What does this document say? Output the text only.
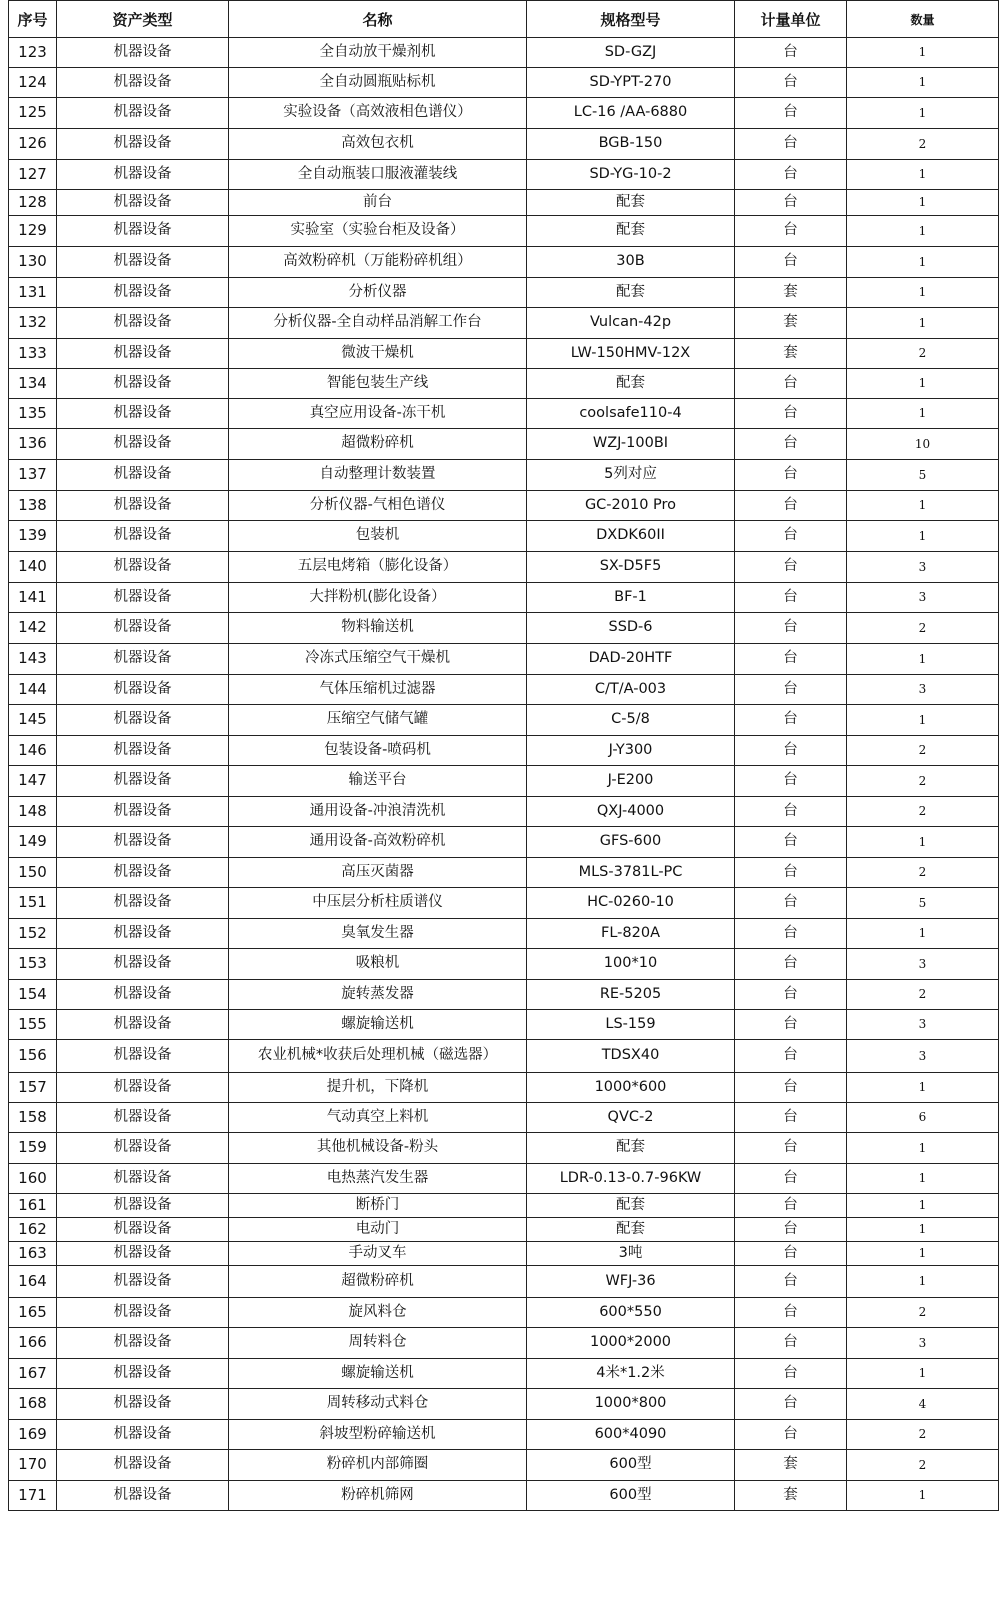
序号	资产类型	名称	规格型号	计量单位	数量
123	机器设备	全自动放干燥剂机	SD-GZJ	台	1
124	机器设备	全自动圆瓶贴标机	SD-YPT-270	台	1
125	机器设备	实验设备（高效液相色谱仪）	LC-16 /AA-6880	台	1
126	机器设备	高效包衣机	BGB-150	台	2
127	机器设备	全自动瓶装口服液灌装线	SD-YG-10-2	台	1
128	机器设备	前台	配套	台	1
129	机器设备	实验室（实验台柜及设备）	配套	台	1
130	机器设备	高效粉碎机（万能粉碎机组）	30B	台	1
131	机器设备	分析仪器	配套	套	1
132	机器设备	分析仪器-全自动样品消解工作台	Vulcan-42p	套	1
133	机器设备	微波干燥机	LW-150HMV-12X	套	2
134	机器设备	智能包装生产线	配套	台	1
135	机器设备	真空应用设备-冻干机	coolsafe110-4	台	1
136	机器设备	超微粉碎机	WZJ-100BI	台	10
137	机器设备	自动整理计数装置	5列对应	台	5
138	机器设备	分析仪器-气相色谱仪	GC-2010 Pro	台	1
139	机器设备	包装机	DXDK60II	台	1
140	机器设备	五层电烤箱（膨化设备）	SX-D5F5	台	3
141	机器设备	大拌粉机(膨化设备）	BF-1	台	3
142	机器设备	物料输送机	SSD-6	台	2
143	机器设备	冷冻式压缩空气干燥机	DAD-20HTF	台	1
144	机器设备	气体压缩机过滤器	C/T/A-003	台	3
145	机器设备	压缩空气储气罐	C-5/8	台	1
146	机器设备	包装设备-喷码机	J-Y300	台	2
147	机器设备	输送平台	J-E200	台	2
148	机器设备	通用设备-冲浪清洗机	QXJ-4000	台	2
149	机器设备	通用设备-高效粉碎机	GFS-600	台	1
150	机器设备	高压灭菌器	MLS-3781L-PC	台	2
151	机器设备	中压层分析柱质谱仪	HC-0260-10	台	5
152	机器设备	臭氧发生器	FL-820A	台	1
153	机器设备	吸粮机	100*10	台	3
154	机器设备	旋转蒸发器	RE-5205	台	2
155	机器设备	螺旋输送机	LS-159	台	3
156	机器设备	农业机械*收获后处理机械（磁选器）	TDSX40	台	3
157	机器设备	提升机，下降机	1000*600	台	1
158	机器设备	气动真空上料机	QVC-2	台	6
159	机器设备	其他机械设备-粉头	配套	台	1
160	机器设备	电热蒸汽发生器	LDR-0.13-0.7-96KW	台	1
161	机器设备	断桥门	配套	台	1
162	机器设备	电动门	配套	台	1
163	机器设备	手动叉车	3吨	台	1
164	机器设备	超微粉碎机	WFJ-36	台	1
165	机器设备	旋风料仓	600*550	台	2
166	机器设备	周转料仓	1000*2000	台	3
167	机器设备	螺旋输送机	4米*1.2米	台	1
168	机器设备	周转移动式料仓	1000*800	台	4
169	机器设备	斜坡型粉碎输送机	600*4090	台	2
170	机器设备	粉碎机内部筛圈	600型	套	2
171	机器设备	粉碎机筛网	600型	套	1
